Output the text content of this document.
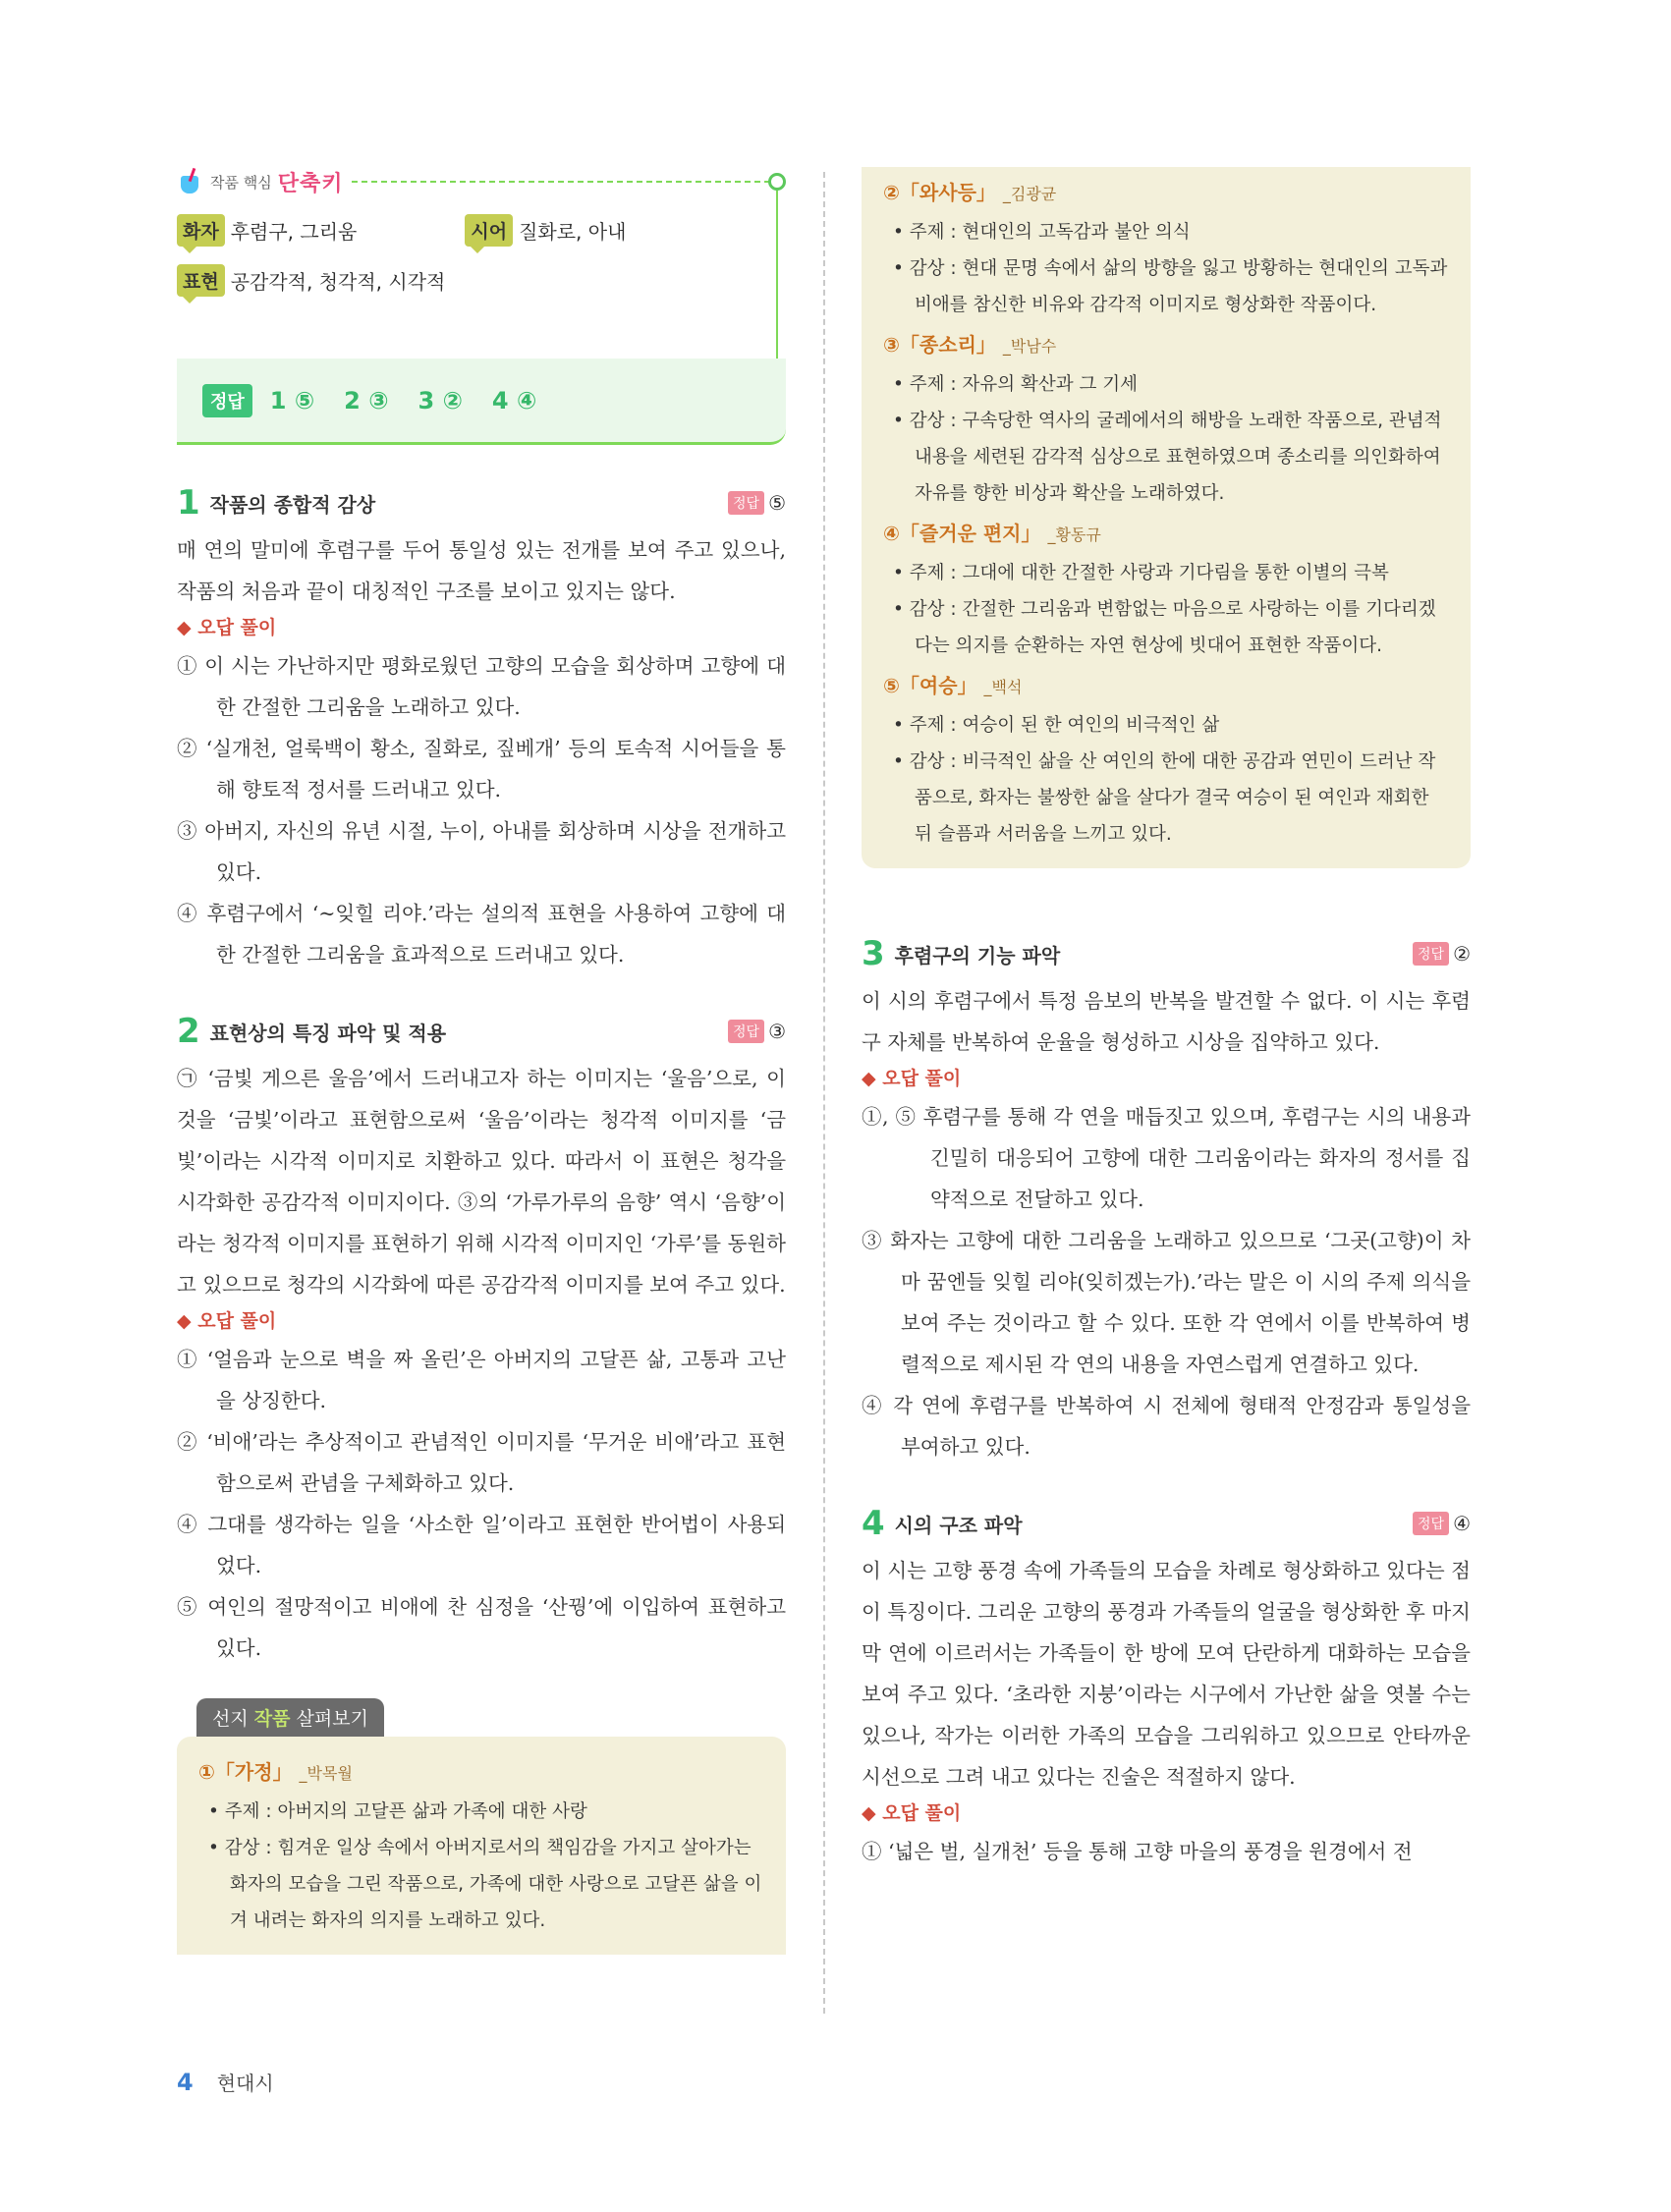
작품 핵심 단축키
화자 후렴구, 그리움	시어 질화로, 아내
표현 공감각적, 청각적, 시각적
정답	1 ⑤ 2 ③ 3 ② 4 ④
1 작품의 종합적 감상	정답 ⑤
매 연의 말미에 후렴구를 두어 통일성 있는 전개를 보여 주고 있으나, 작품의 처음과 끝이 대칭적인 구조를 보이고 있지는 않다.
◆ 오답 풀이
① 이 시는 가난하지만 평화로웠던 고향의 모습을 회상하며 고향에 대한 간절한 그리움을 노래하고 있다.
② ‘실개천, 얼룩백이 황소, 질화로, 짚베개’ 등의 토속적 시어들을 통해 향토적 정서를 드러내고 있다.
③ 아버지, 자신의 유년 시절, 누이, 아내를 회상하며 시상을 전개하고 있다.
④ 후렴구에서 ‘~잊힐 리야.’라는 설의적 표현을 사용하여 고향에 대한 간절한 그리움을 효과적으로 드러내고 있다.
2 표현상의 특징 파악 및 적용	정답 ③
㉠ ‘금빛 게으른 울음’에서 드러내고자 하는 이미지는 ‘울음’으로, 이것을 ‘금빛’이라고 표현함으로써 ‘울음’이라는 청각적 이미지를 ‘금빛’이라는 시각적 이미지로 치환하고 있다. 따라서 이 표현은 청각을 시각화한 공감각적 이미지이다. ③의 ‘가루가루의 음향’ 역시 ‘음향’이라는 청각적 이미지를 표현하기 위해 시각적 이미지인 ‘가루’를 동원하고 있으므로 청각의 시각화에 따른 공감각적 이미지를 보여 주고 있다.
◆ 오답 풀이
① ‘얼음과 눈으로 벽을 짜 올린’은 아버지의 고달픈 삶, 고통과 고난을 상징한다.
② ‘비애’라는 추상적이고 관념적인 이미지를 ‘무거운 비애’라고 표현함으로써 관념을 구체화하고 있다.
④ 그대를 생각하는 일을 ‘사소한 일’이라고 표현한 반어법이 사용되었다.
⑤ 여인의 절망적이고 비애에 찬 심정을 ‘산꿩’에 이입하여 표현하고 있다.
선지 작품 살펴보기
①「가정」 _박목월
• 주제 : 아버지의 고달픈 삶과 가족에 대한 사랑
• 감상 : 힘겨운 일상 속에서 아버지로서의 책임감을 가지고 살아가는 화자의 모습을 그린 작품으로, 가족에 대한 사랑으로 고달픈 삶을 이겨 내려는 화자의 의지를 노래하고 있다.
②「와사등」 _김광균
• 주제 : 현대인의 고독감과 불안 의식
• 감상 : 현대 문명 속에서 삶의 방향을 잃고 방황하는 현대인의 고독과 비애를 참신한 비유와 감각적 이미지로 형상화한 작품이다.
③「종소리」 _박남수
• 주제 : 자유의 확산과 그 기세
• 감상 : 구속당한 역사의 굴레에서의 해방을 노래한 작품으로, 관념적 내용을 세련된 감각적 심상으로 표현하였으며 종소리를 의인화하여 자유를 향한 비상과 확산을 노래하였다.
④「즐거운 편지」 _황동규
• 주제 : 그대에 대한 간절한 사랑과 기다림을 통한 이별의 극복
• 감상 : 간절한 그리움과 변함없는 마음으로 사랑하는 이를 기다리겠다는 의지를 순환하는 자연 현상에 빗대어 표현한 작품이다.
⑤「여승」 _백석
• 주제 : 여승이 된 한 여인의 비극적인 삶
• 감상 : 비극적인 삶을 산 여인의 한에 대한 공감과 연민이 드러난 작품으로, 화자는 불쌍한 삶을 살다가 결국 여승이 된 여인과 재회한 뒤 슬픔과 서러움을 느끼고 있다.
3 후렴구의 기능 파악	정답 ②
이 시의 후렴구에서 특정 음보의 반복을 발견할 수 없다. 이 시는 후렴구 자체를 반복하여 운율을 형성하고 시상을 집약하고 있다.
◆ 오답 풀이
①, ⑤ 후렴구를 통해 각 연을 매듭짓고 있으며, 후렴구는 시의 내용과 긴밀히 대응되어 고향에 대한 그리움이라는 화자의 정서를 집약적으로 전달하고 있다.
③ 화자는 고향에 대한 그리움을 노래하고 있으므로 ‘그곳(고향)이 차마 꿈엔들 잊힐 리야(잊히겠는가).’라는 말은 이 시의 주제 의식을 보여 주는 것이라고 할 수 있다. 또한 각 연에서 이를 반복하여 병렬적으로 제시된 각 연의 내용을 자연스럽게 연결하고 있다.
④ 각 연에 후렴구를 반복하여 시 전체에 형태적 안정감과 통일성을 부여하고 있다.
4 시의 구조 파악	정답 ④
이 시는 고향 풍경 속에 가족들의 모습을 차례로 형상화하고 있다는 점이 특징이다. 그리운 고향의 풍경과 가족들의 얼굴을 형상화한 후 마지막 연에 이르러서는 가족들이 한 방에 모여 단란하게 대화하는 모습을 보여 주고 있다. ‘초라한 지붕’이라는 시구에서 가난한 삶을 엿볼 수는 있으나, 작가는 이러한 가족의 모습을 그리워하고 있으므로 안타까운 시선으로 그려 내고 있다는 진술은 적절하지 않다.
◆ 오답 풀이
① ‘넓은 벌, 실개천’ 등을 통해 고향 마을의 풍경을 원경에서 전
4 현대시
